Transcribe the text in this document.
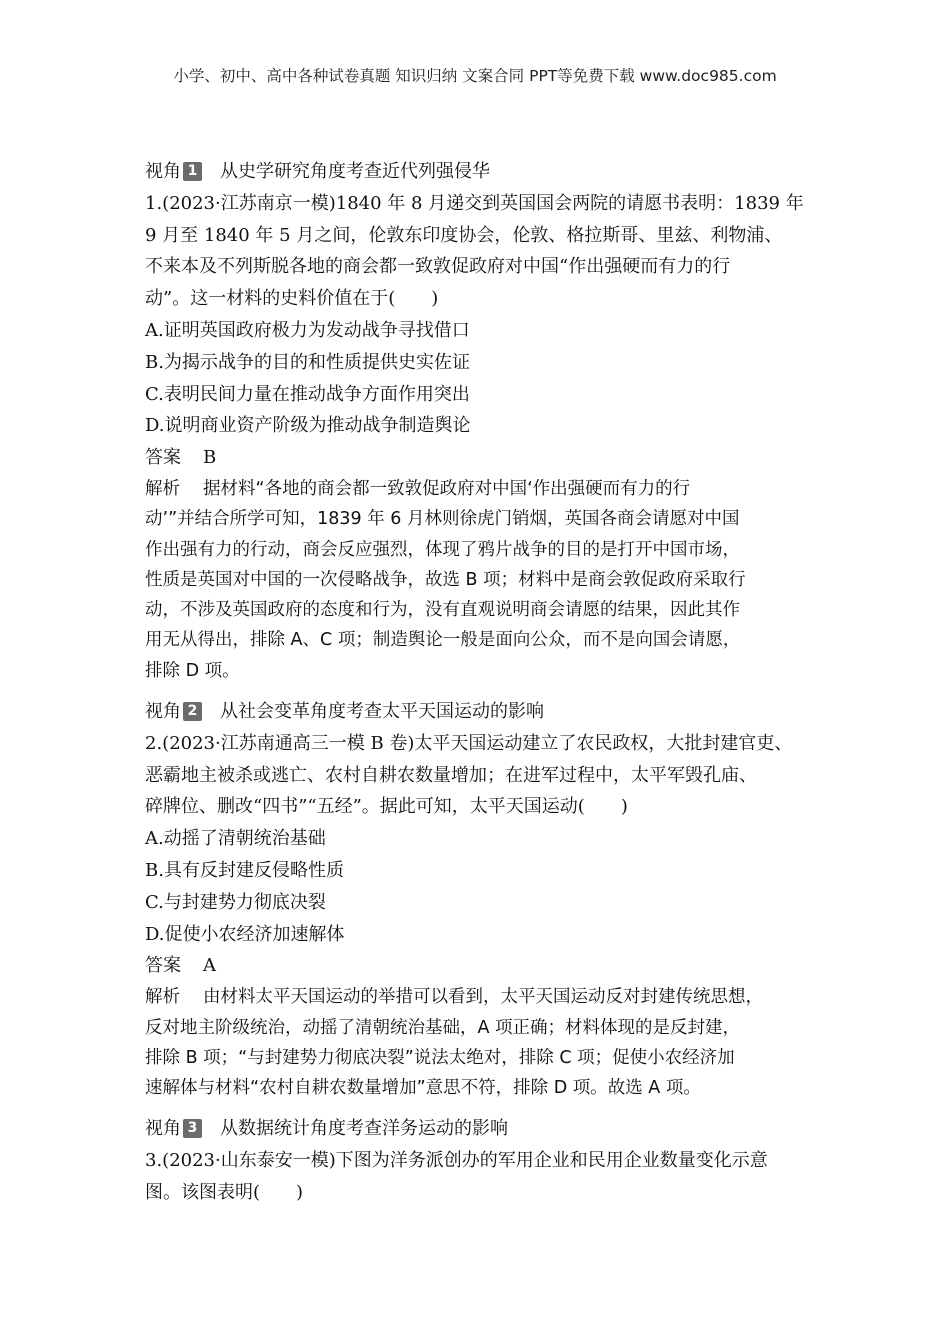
小学、初中、高中各种试卷真题 知识归纳 文案合同 PPT等免费下载 www.doc985.com
视角 1 从史学研究角度考查近代列强侵华
1.(2023·江苏南京一模)1840 年 8 月递交到英国国会两院的请愿书表明：1839 年
9 月至 1840 年 5 月之间，伦敦东印度协会，伦敦、格拉斯哥、里兹、利物浦、
不来本及不列斯脱各地的商会都一致敦促政府对中国“作出强硬而有力的行
动”。这一材料的史料价值在于(　　)
A.证明英国政府极力为发动战争寻找借口
B.为揭示战争的目的和性质提供史实佐证
C.表明民间力量在推动战争方面作用突出
D.说明商业资产阶级为推动战争制造舆论
答案 B
解析 据材料“各地的商会都一致敦促政府对中国‘作出强硬而有力的行
动’”并结合所学可知，1839 年 6 月林则徐虎门销烟，英国各商会请愿对中国
作出强有力的行动，商会反应强烈，体现了鸦片战争的目的是打开中国市场，
性质是英国对中国的一次侵略战争，故选 B 项；材料中是商会敦促政府采取行
动，不涉及英国政府的态度和行为，没有直观说明商会请愿的结果，因此其作
用无从得出，排除 A、C 项；制造舆论一般是面向公众，而不是向国会请愿，
排除 D 项。
视角 2 从社会变革角度考查太平天国运动的影响
2.(2023·江苏南通高三一模 B 卷)太平天国运动建立了农民政权，大批封建官吏、
恶霸地主被杀或逃亡、农村自耕农数量增加；在进军过程中，太平军毁孔庙、
碎牌位、删改“四书”“五经”。据此可知，太平天国运动(　　)
A.动摇了清朝统治基础
B.具有反封建反侵略性质
C.与封建势力彻底决裂
D.促使小农经济加速解体
答案 A
解析 由材料太平天国运动的举措可以看到，太平天国运动反对封建传统思想，
反对地主阶级统治，动摇了清朝统治基础，A 项正确；材料体现的是反封建，
排除 B 项；“与封建势力彻底决裂”说法太绝对，排除 C 项；促使小农经济加
速解体与材料“农村自耕农数量增加”意思不符，排除 D 项。故选 A 项。
视角 3 从数据统计角度考查洋务运动的影响
3.(2023·山东泰安一模)下图为洋务派创办的军用企业和民用企业数量变化示意
图。该图表明(　　)
